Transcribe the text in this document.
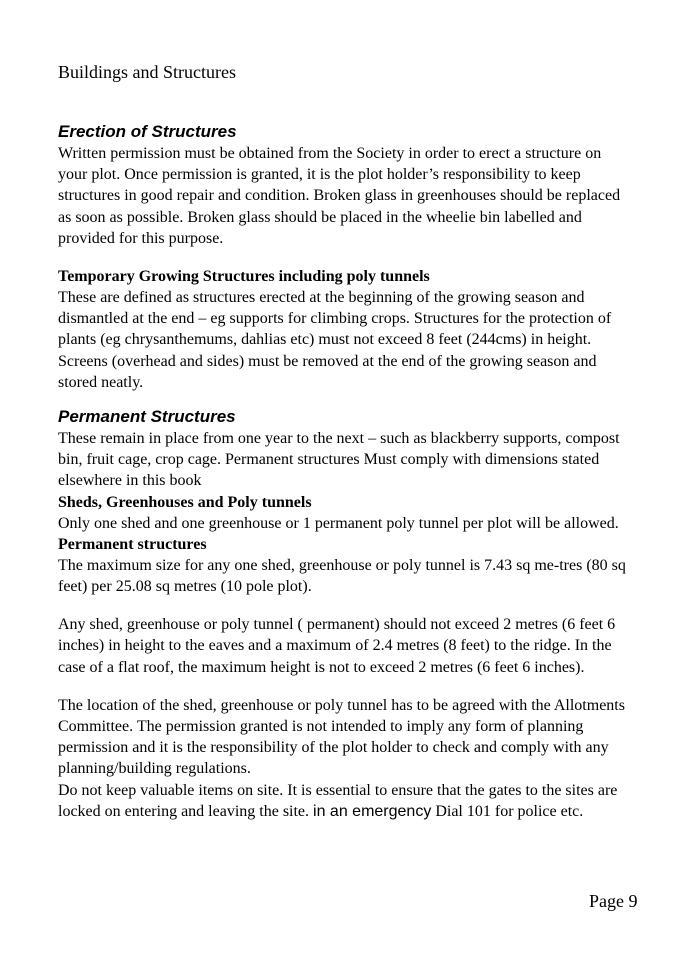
Buildings and Structures
Erection of Structures

Written permission must be obtained from the Society in order to erect a structure on your plot. Once permission is granted, it is the plot holder’s responsibility to keep structures in good repair and condition. Broken glass in greenhouses should be replaced as soon as possible. Broken glass should be placed in the wheelie bin labelled and provided for this purpose.

Temporary Growing Structures including poly tunnels

These are defined as structures erected at the beginning of the growing season and dismantled at the end – eg supports for climbing crops. Structures for the protection of plants (eg chrysanthemums, dahlias etc) must not exceed 8 feet (244cms) in height. Screens (overhead and sides) must be removed at the end of the growing season and stored neatly.

Permanent Structures

These remain in place from one year to the next – such as blackberry supports, compost bin, fruit cage, crop cage. Permanent structures Must comply with dimensions stated elsewhere in this book

Sheds, Greenhouses and Poly tunnels

Only one shed and one greenhouse or 1 permanent poly tunnel per plot will be allowed.

Permanent structures

The maximum size for any one shed, greenhouse or poly tunnel is 7.43 sq me-tres (80 sq feet) per 25.08 sq metres (10 pole plot).

Any shed, greenhouse or poly tunnel ( permanent) should not exceed 2 metres (6 feet 6 inches) in height to the eaves and a maximum of 2.4 metres (8 feet) to the ridge. In the case of a flat roof, the maximum height is not to exceed 2 metres (6 feet 6 inches).

The location of the shed, greenhouse or poly tunnel has to be agreed with the Allotments Committee. The permission granted is not intended to imply any form of planning permission and it is the responsibility of the plot holder to check and comply with any planning/building regulations.

Do not keep valuable items on site. It is essential to ensure that the gates to the sites are locked on entering and leaving the site. in an emergency Dial 101 for police etc.

Page 9
